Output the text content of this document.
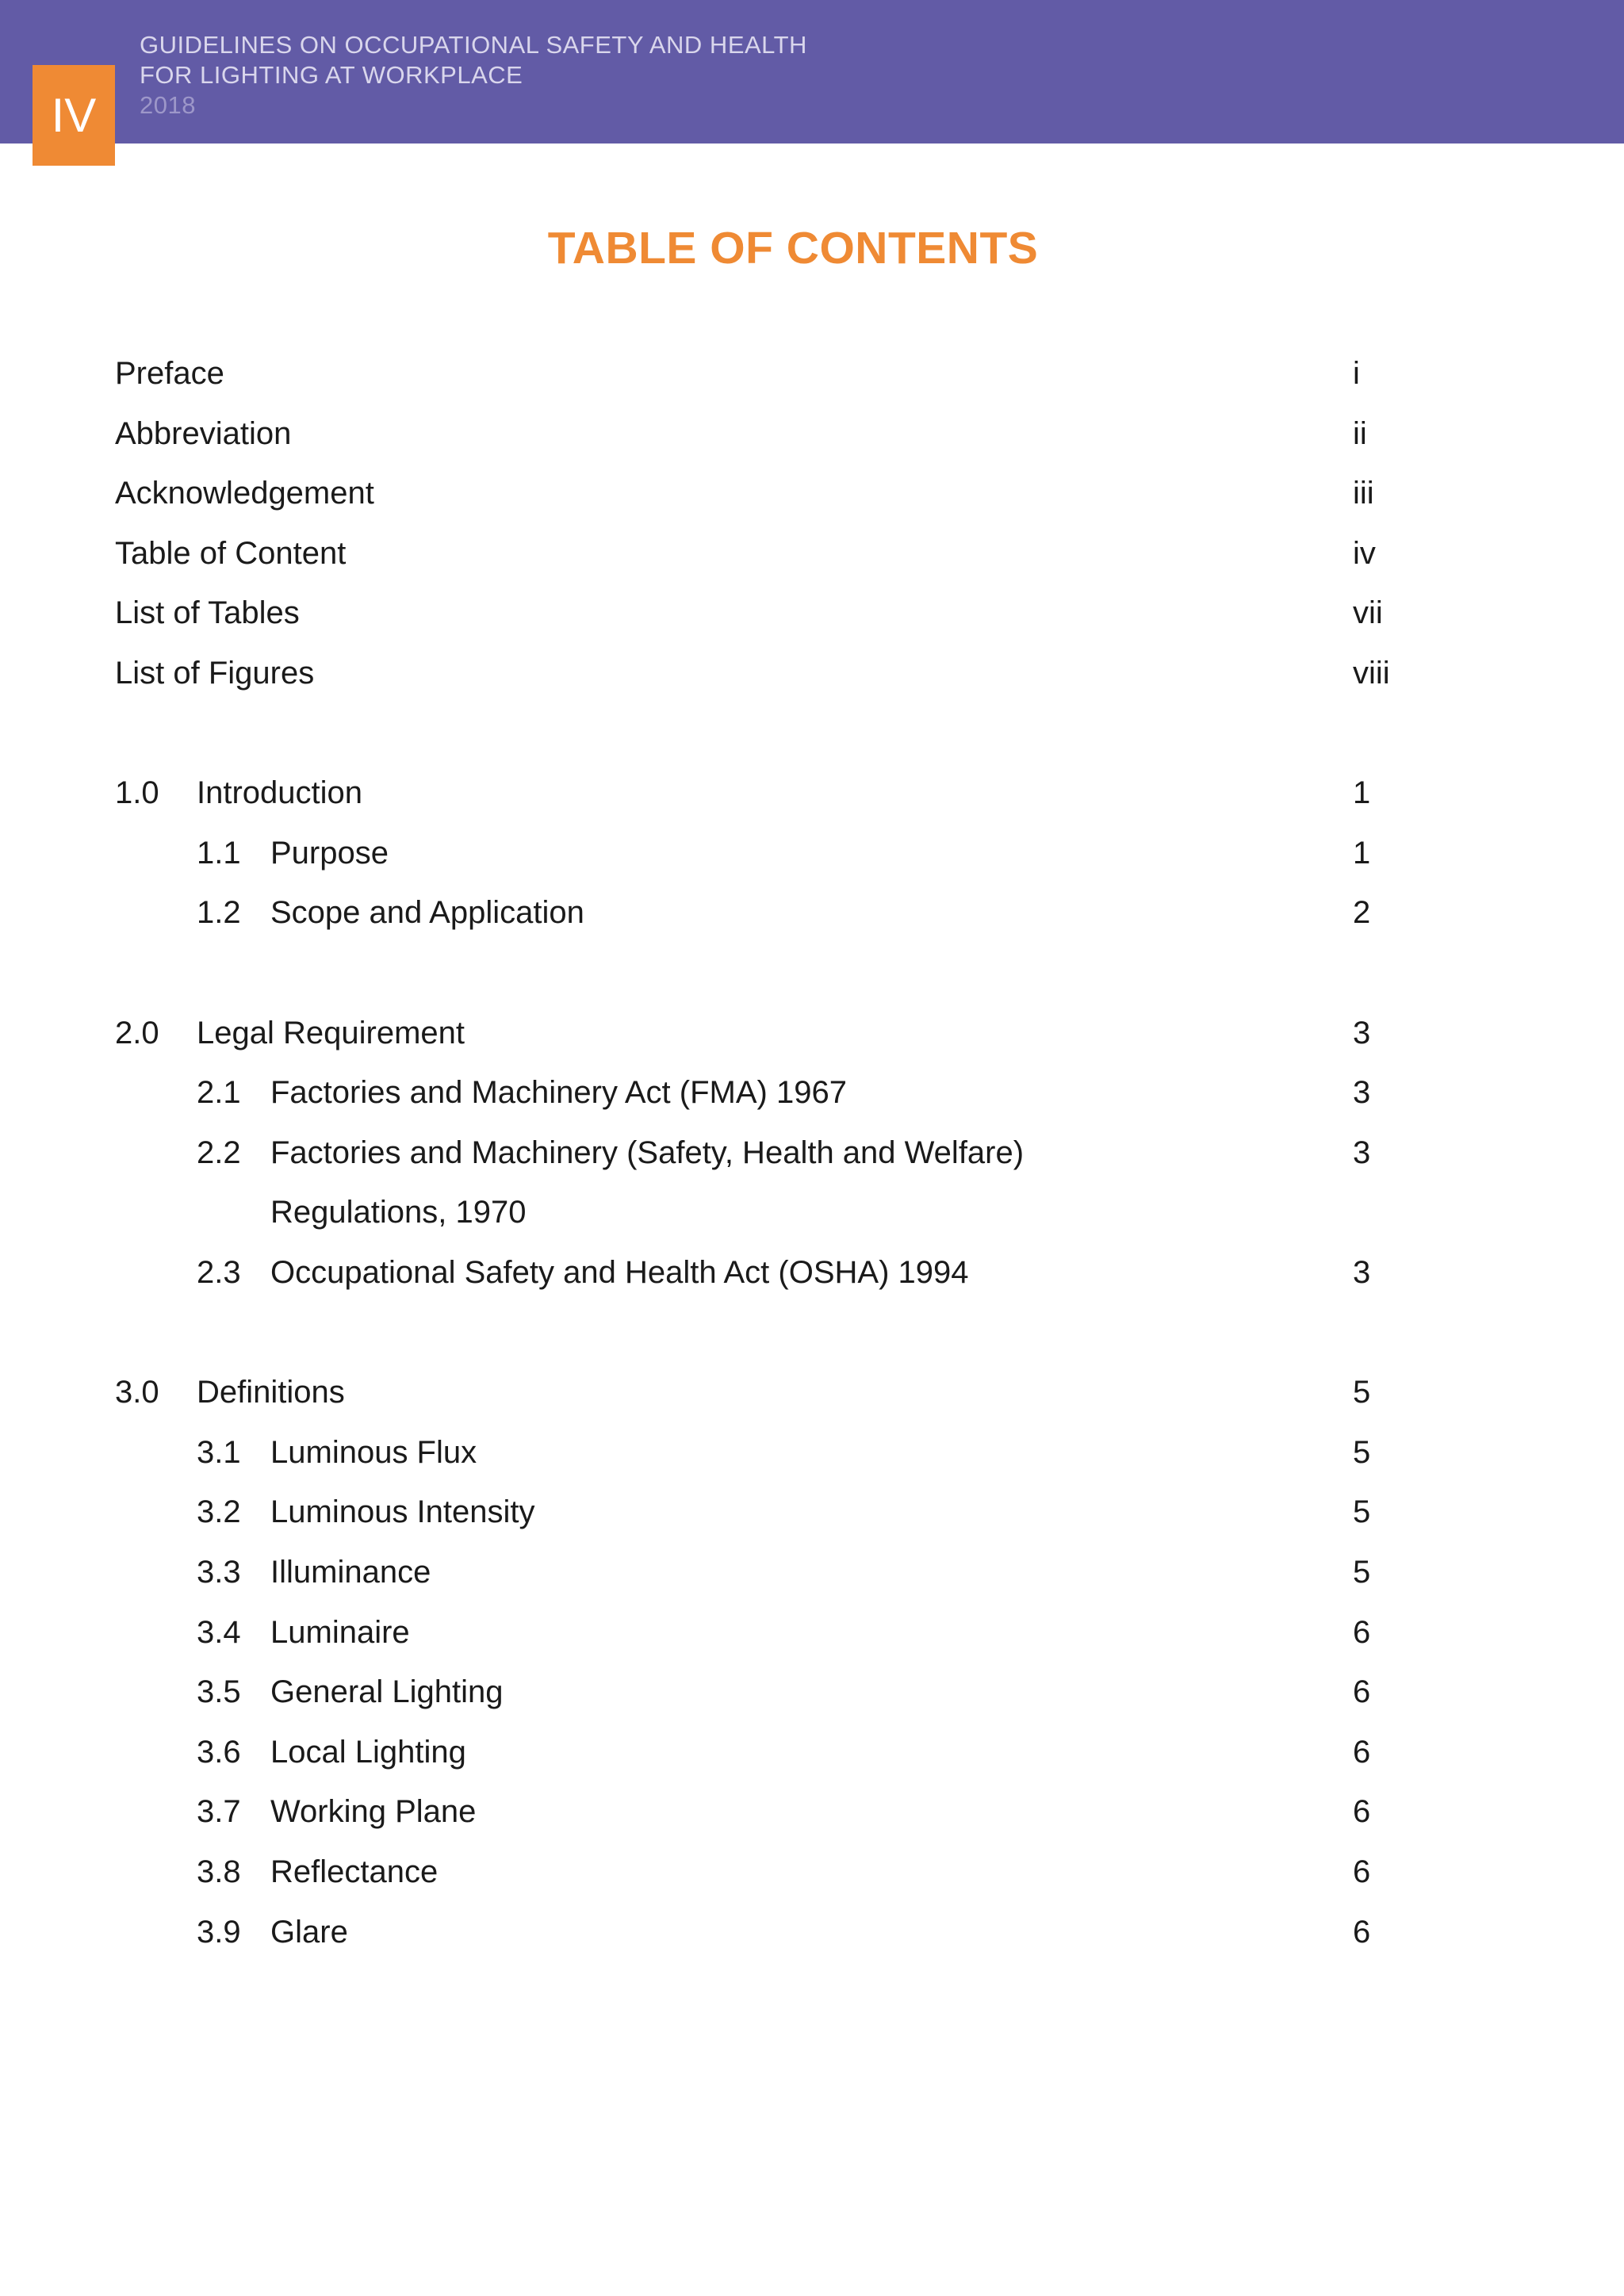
GUIDELINES ON OCCUPATIONAL SAFETY AND HEALTH
FOR LIGHTING AT WORKPLACE
2018
IV
TABLE OF CONTENTS
Preface	i
Abbreviation	ii
Acknowledgement	iii
Table of Content	iv
List of Tables	vii
List of Figures	viii
1.0 Introduction	1
1.1 Purpose	1
1.2 Scope and Application	2
2.0 Legal Requirement	3
2.1 Factories and Machinery Act (FMA) 1967	3
2.2 Factories and Machinery (Safety, Health and Welfare)	3
Regulations, 1970
2.3 Occupational Safety and Health Act (OSHA) 1994	3
3.0 Definitions	5
3.1 Luminous Flux	5
3.2 Luminous Intensity	5
3.3 Illuminance	5
3.4 Luminaire	6
3.5 General Lighting	6
3.6 Local Lighting	6
3.7 Working Plane	6
3.8 Reflectance	6
3.9 Glare	6
